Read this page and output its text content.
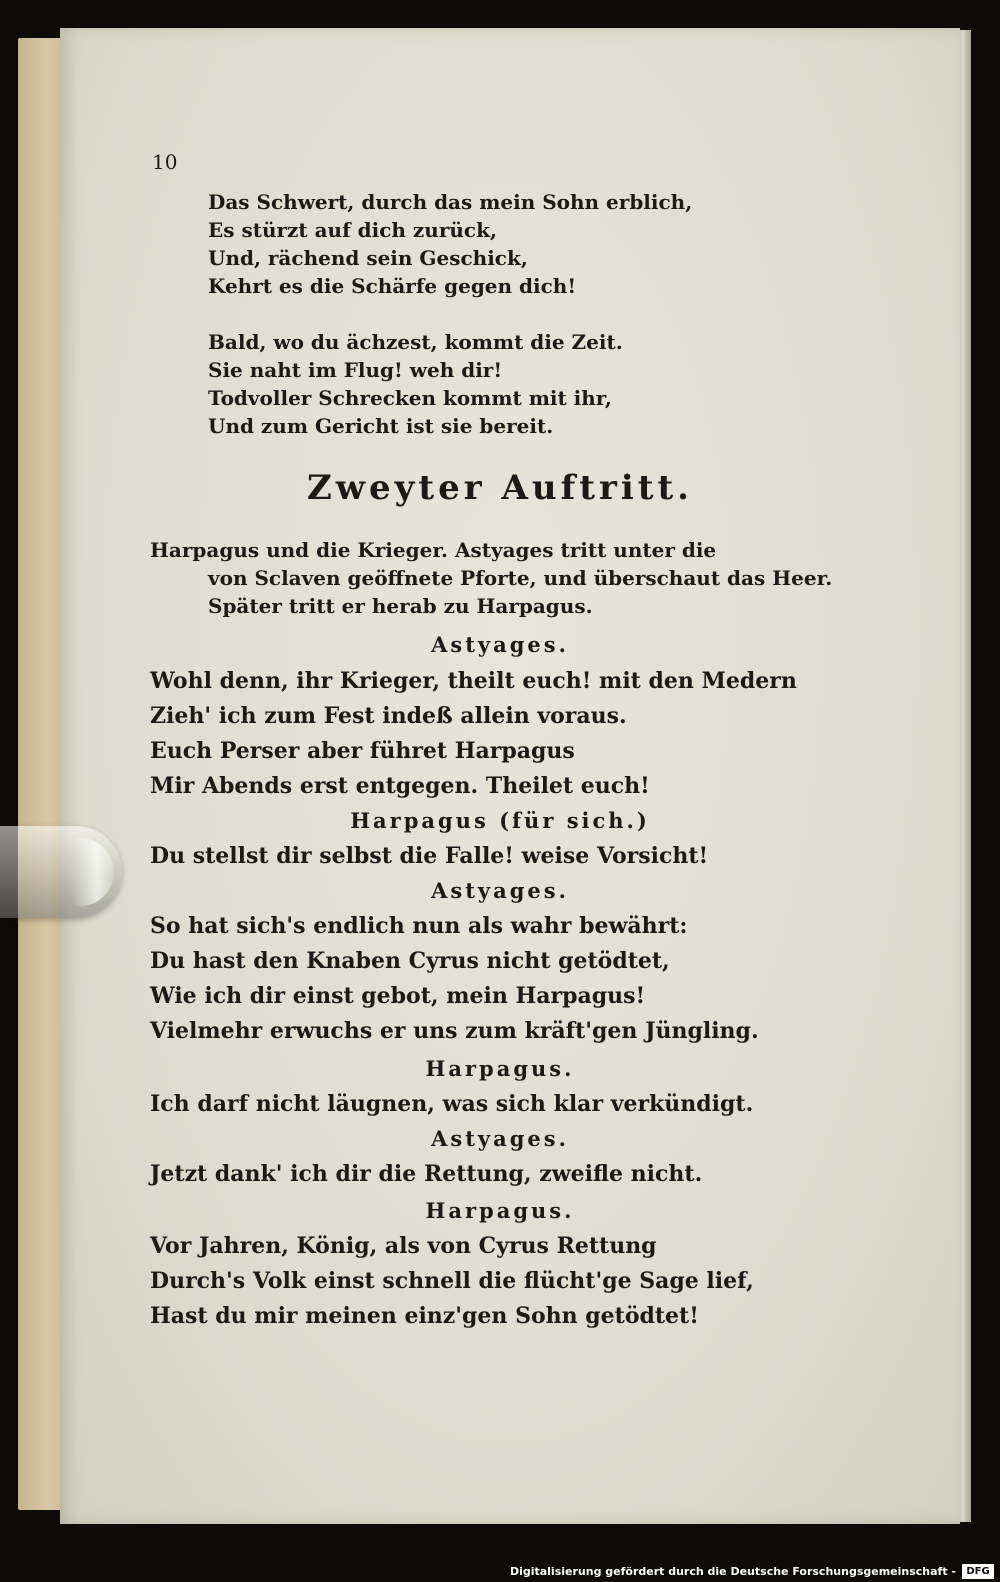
10
Das Schwert, durch das mein Sohn erblich,
Es stürzt auf dich zurück,
Und, rächend sein Geschick,
Kehrt es die Schärfe gegen dich!
Bald, wo du ächzest, kommt die Zeit.
Sie naht im Flug! weh dir!
Todvoller Schrecken kommt mit ihr,
Und zum Gericht ist sie bereit.
Zweyter Auftritt.
Harpagus und die Krieger. Astyages tritt unter die
von Sclaven geöffnete Pforte, und überschaut das Heer.
Später tritt er herab zu Harpagus.
Astyages.
Wohl denn, ihr Krieger, theilt euch! mit den Medern
Zieh' ich zum Fest indeß allein voraus.
Euch Perser aber führet Harpagus
Mir Abends erst entgegen. Theilet euch!
Harpagus (für sich.)
Du stellst dir selbst die Falle! weise Vorsicht!
Astyages.
So hat sich's endlich nun als wahr bewährt:
Du hast den Knaben Cyrus nicht getödtet,
Wie ich dir einst gebot, mein Harpagus!
Vielmehr erwuchs er uns zum kräft'gen Jüngling.
Harpagus.
Ich darf nicht läugnen, was sich klar verkündigt.
Astyages.
Jetzt dank' ich dir die Rettung, zweifle nicht.
Harpagus.
Vor Jahren, König, als von Cyrus Rettung
Durch's Volk einst schnell die flücht'ge Sage lief,
Hast du mir meinen einz'gen Sohn getödtet!
Digitalisierung gefördert durch die Deutsche Forschungsgemeinschaft -	DFG
